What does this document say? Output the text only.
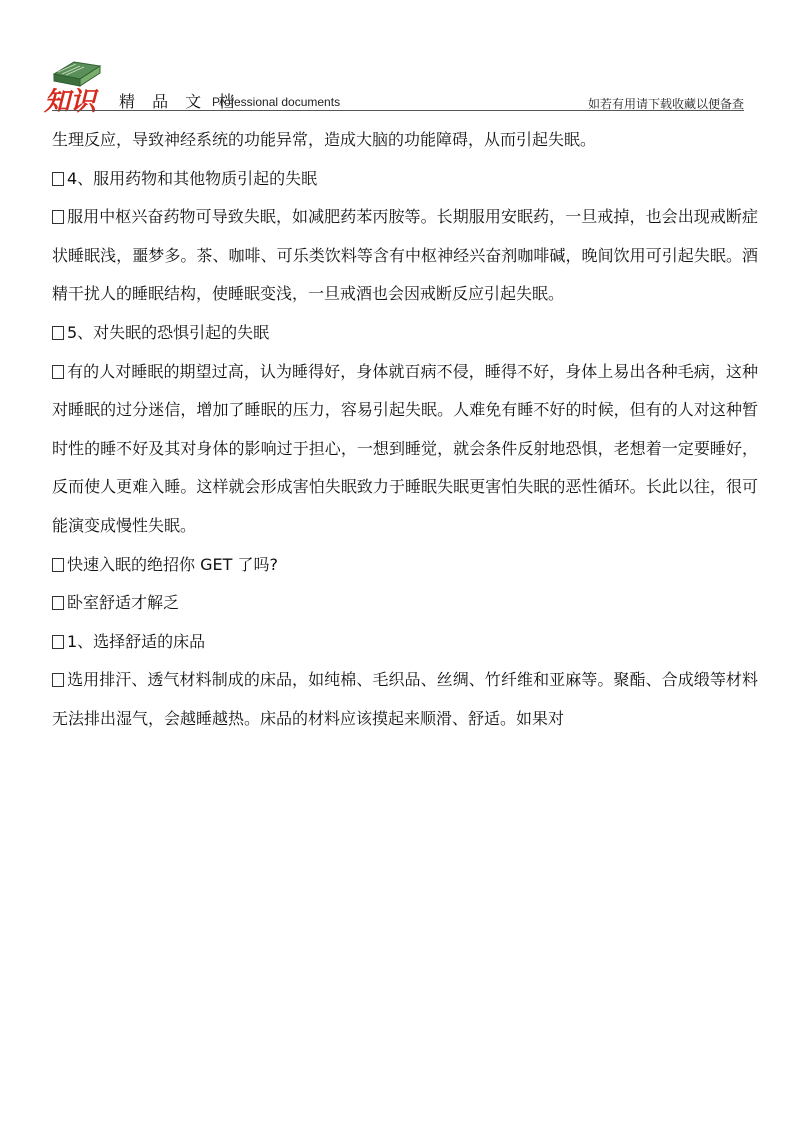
知识 精 品 文 档
Professional documents	如若有用请下载收藏以便备查

生理反应，导致神经系统的功能异常，造成大脑的功能障碍，从而引起失眠。

4、服用药物和其他物质引起的失眠

服用中枢兴奋药物可导致失眠，如减肥药苯丙胺等。长期服用安眠药，一旦戒掉，也会出现戒断症状睡眠浅，噩梦多。茶、咖啡、可乐类饮料等含有中枢神经兴奋剂咖啡碱，晚间饮用可引起失眠。酒精干扰人的睡眠结构，使睡眠变浅，一旦戒酒也会因戒断反应引起失眠。

5、对失眠的恐惧引起的失眠

有的人对睡眠的期望过高，认为睡得好，身体就百病不侵，睡得不好，身体上易出各种毛病，这种对睡眠的过分迷信，增加了睡眠的压力，容易引起失眠。人难免有睡不好的时候，但有的人对这种暂时性的睡不好及其对身体的影响过于担心，一想到睡觉，就会条件反射地恐惧，老想着一定要睡好，反而使人更难入睡。这样就会形成害怕失眠致力于睡眠失眠更害怕失眠的恶性循环。长此以往，很可能演变成慢性失眠。

快速入眠的绝招你 GET 了吗?

卧室舒适才解乏

1、选择舒适的床品

选用排汗、透气材料制成的床品，如纯棉、毛织品、丝绸、竹纤维和亚麻等。聚酯、合成缎等材料无法排出湿气，会越睡越热。床品的材料应该摸起来顺滑、舒适。如果对
